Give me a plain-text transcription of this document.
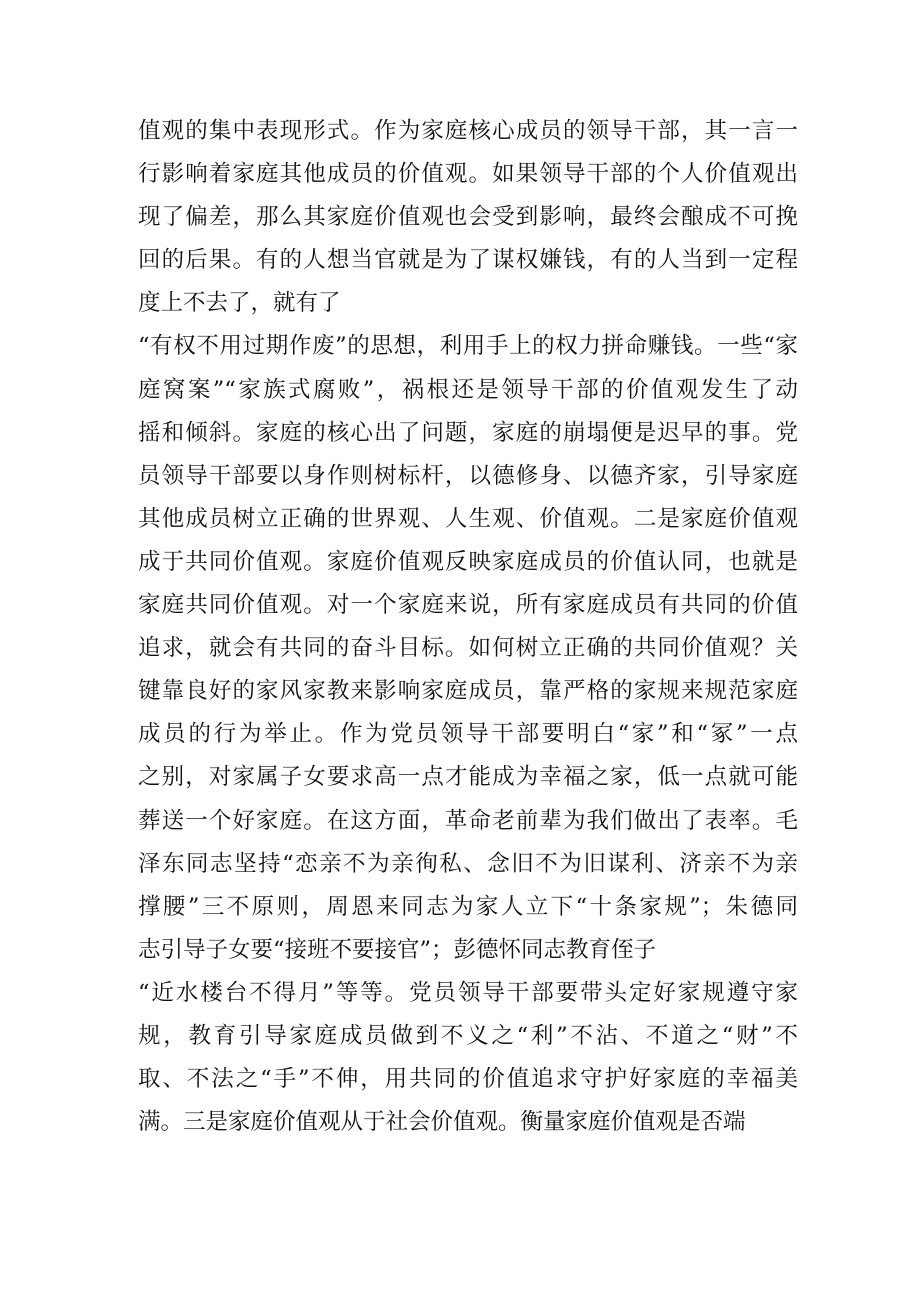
值观的集中表现形式。作为家庭核心成员的领导干部，其一言一
行影响着家庭其他成员的价值观。如果领导干部的个人价值观出
现了偏差，那么其家庭价值观也会受到影响，最终会酿成不可挽
回的后果。有的人想当官就是为了谋权嫌钱，有的人当到一定程
度上不去了，就有了
“有权不用过期作废”的思想，利用手上的权力拼命赚钱。一些“家
庭窝案”“家族式腐败”，祸根还是领导干部的价值观发生了动
摇和倾斜。家庭的核心出了问题，家庭的崩塌便是迟早的事。党
员领导干部要以身作则树标杆，以德修身、以德齐家，引导家庭
其他成员树立正确的世界观、人生观、价值观。二是家庭价值观
成于共同价值观。家庭价值观反映家庭成员的价值认同，也就是
家庭共同价值观。对一个家庭来说，所有家庭成员有共同的价值
追求，就会有共同的奋斗目标。如何树立正确的共同价值观？关
键靠良好的家风家教来影响家庭成员，靠严格的家规来规范家庭
成员的行为举止。作为党员领导干部要明白“家”和“冢”一点
之别，对家属子女要求高一点才能成为幸福之家，低一点就可能
葬送一个好家庭。在这方面，革命老前辈为我们做出了表率。毛
泽东同志坚持“恋亲不为亲徇私、念旧不为旧谋利、济亲不为亲
撑腰”三不原则，周恩来同志为家人立下“十条家规”；朱德同
志引导子女要“接班不要接官”；彭德怀同志教育侄子
“近水楼台不得月”等等。党员领导干部要带头定好家规遵守家
规，教育引导家庭成员做到不义之“利”不沾、不道之“财”不
取、不法之“手”不伸，用共同的价值追求守护好家庭的幸福美
满。三是家庭价值观从于社会价值观。衡量家庭价值观是否端
